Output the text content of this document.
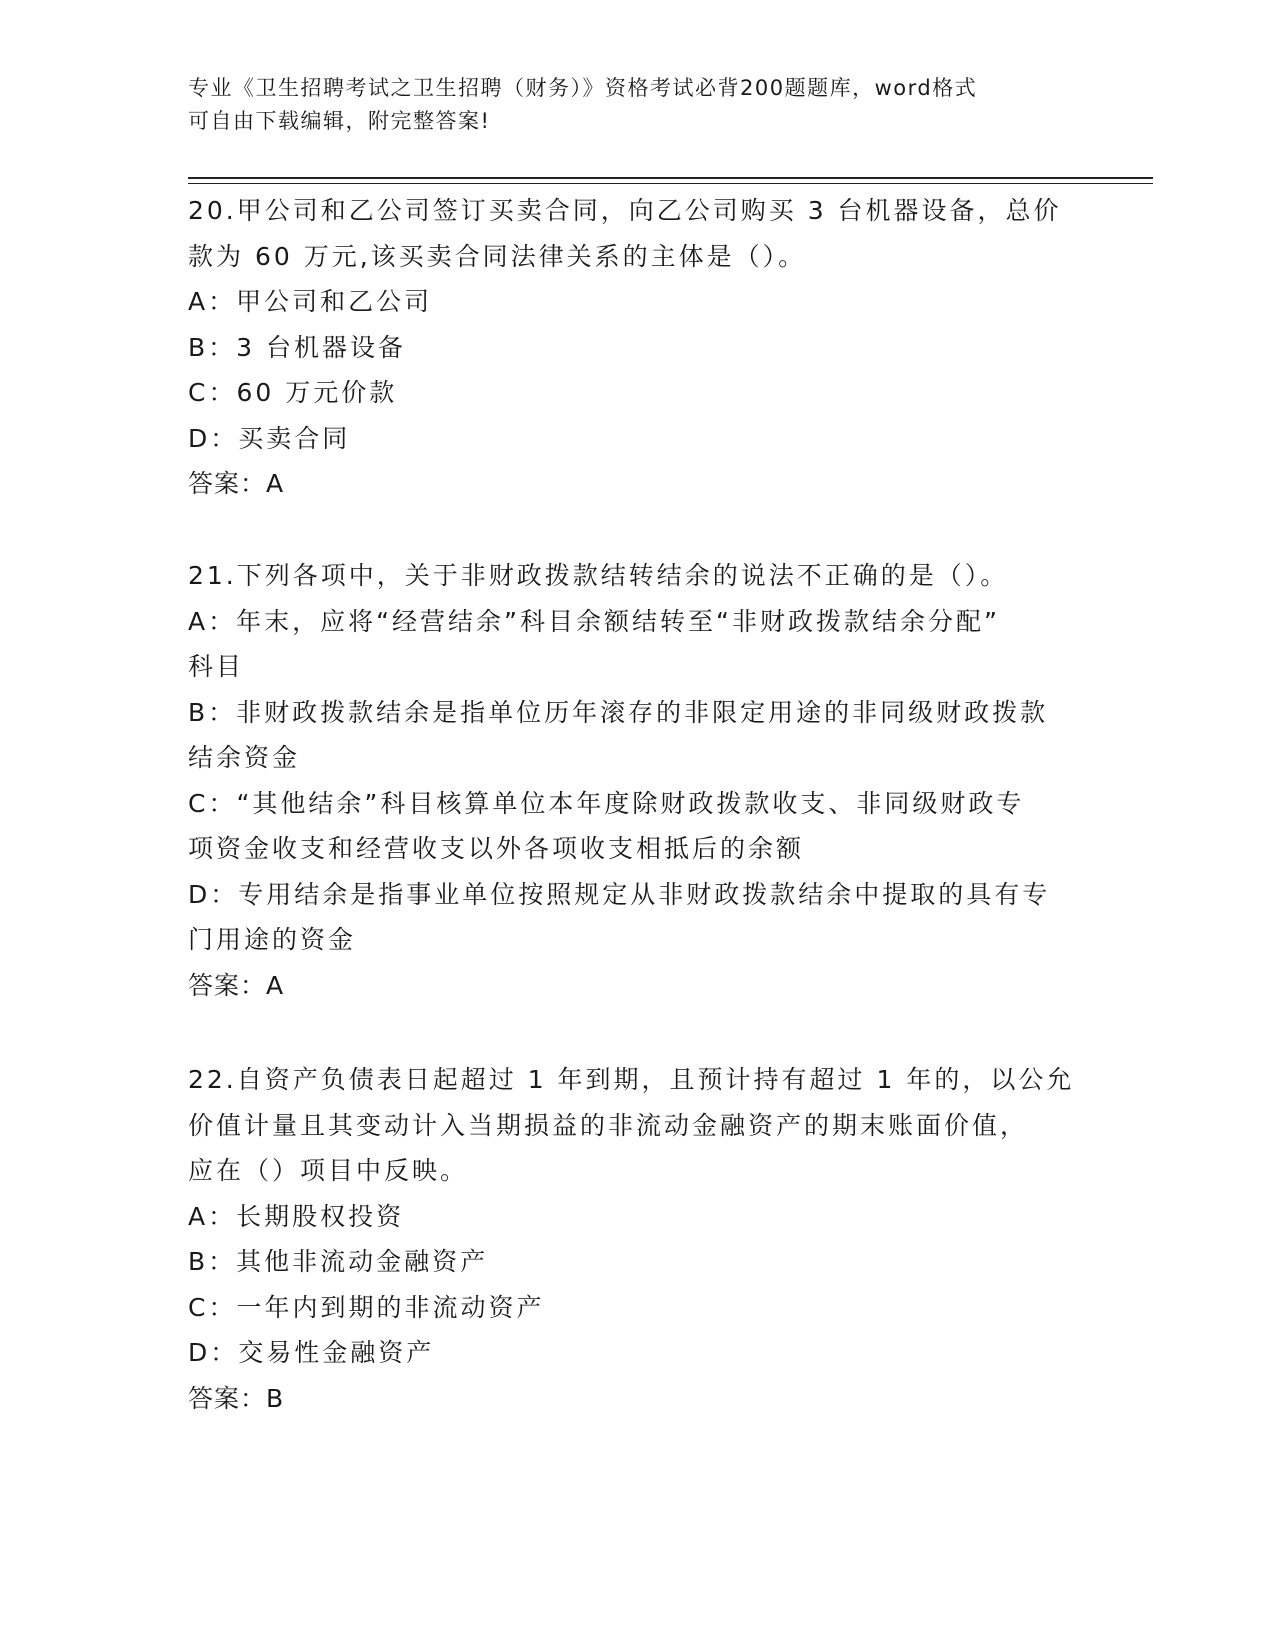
专业《卫生招聘考试之卫生招聘（财务）》资格考试必背200题题库，word格式
可自由下载编辑，附完整答案!
20.甲公司和乙公司签订买卖合同，向乙公司购买 3 台机器设备，总价
款为 60 万元,该买卖合同法律关系的主体是（）。
A：甲公司和乙公司
B：3 台机器设备
C：60 万元价款
D：买卖合同
答案：A
21.下列各项中，关于非财政拨款结转结余的说法不正确的是（）。
A：年末，应将“经营结余”科目余额结转至“非财政拨款结余分配”
科目
B：非财政拨款结余是指单位历年滚存的非限定用途的非同级财政拨款
结余资金
C：“其他结余”科目核算单位本年度除财政拨款收支、非同级财政专
项资金收支和经营收支以外各项收支相抵后的余额
D：专用结余是指事业单位按照规定从非财政拨款结余中提取的具有专
门用途的资金
答案：A
22.自资产负债表日起超过 1 年到期，且预计持有超过 1 年的，以公允
价值计量且其变动计入当期损益的非流动金融资产的期末账面价值，
应在（）项目中反映。
A：长期股权投资
B：其他非流动金融资产
C：一年内到期的非流动资产
D：交易性金融资产
答案：B
